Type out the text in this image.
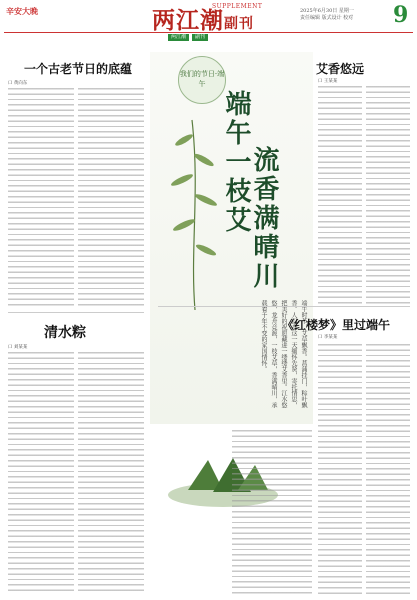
辛安大晚	两江潮副刊
SUPPLEMENT
2025年6月30日 星期一
责任编辑 版式设计 校对 9
两江潮	副刊
一个古老节日的底蕴
口 黄向东
清水粽
口 刘某某
我们的节日·端午
端午一枝艾
流香满晴川
端午时节，艾草飘香。菖蒲挂门，粽叶飘香。人们在这一天缅怀先贤，寄托情思，把美好的祝愿藏进一缕缕艾香里。江水悠悠，龙舟竞渡，一枝艾草，香满晴川，承载着千年不变的家国情怀。
艾香悠远
口 王某某
《红楼梦》里过端午
口 李某某
